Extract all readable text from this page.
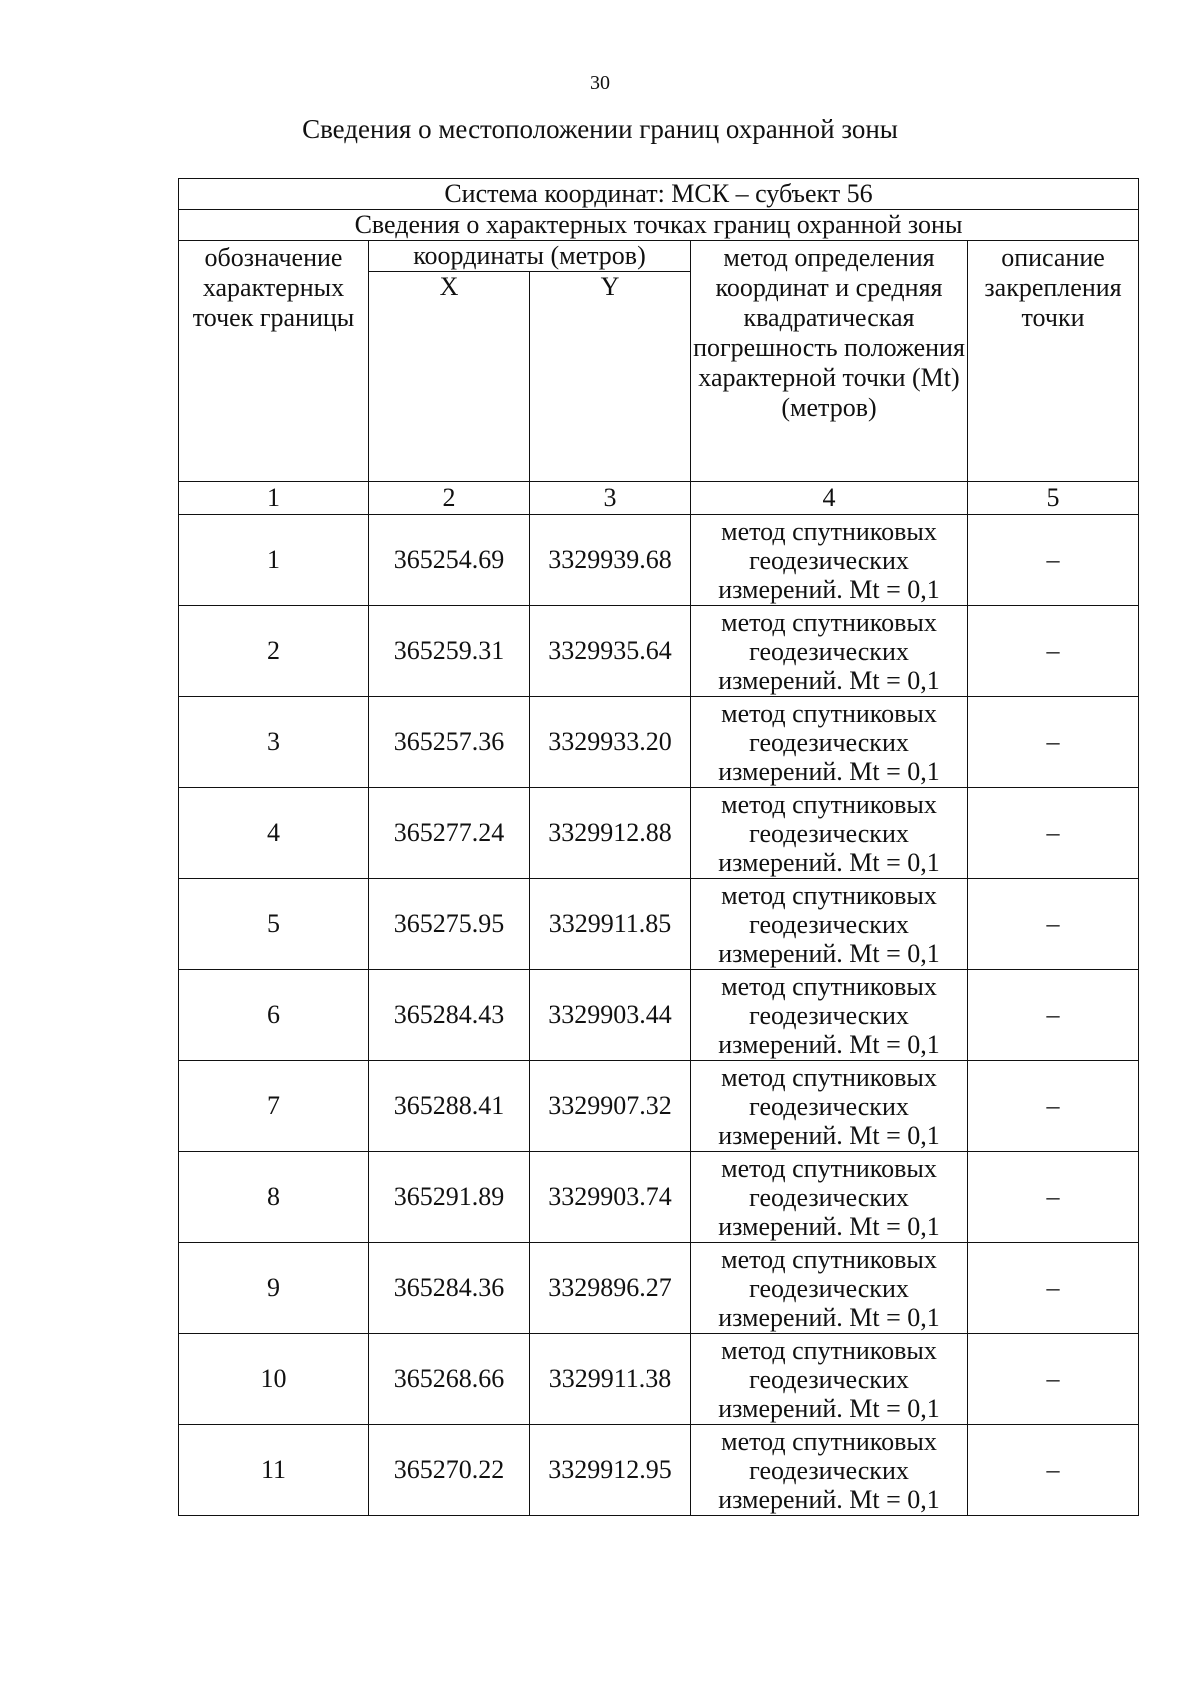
30
Сведения о местоположении границ охранной зоны
Система координат: МСК – субъект 56				
Сведения о характерных точках границ охранной зоны				
обозначение характерных точек границы	координаты (метров)		метод определения координат и средняя квадратическая погрешность положения характерной точки (Mt) (метров)	описание закрепления точки
	X	Y		
1	2	3	4	5
1	365254.69	3329939.68	метод спутниковых геодезических измерений. Mt = 0,1	–
2	365259.31	3329935.64	метод спутниковых геодезических измерений. Mt = 0,1	–
3	365257.36	3329933.20	метод спутниковых геодезических измерений. Mt = 0,1	–
4	365277.24	3329912.88	метод спутниковых геодезических измерений. Mt = 0,1	–
5	365275.95	3329911.85	метод спутниковых геодезических измерений. Mt = 0,1	–
6	365284.43	3329903.44	метод спутниковых геодезических измерений. Mt = 0,1	–
7	365288.41	3329907.32	метод спутниковых геодезических измерений. Mt = 0,1	–
8	365291.89	3329903.74	метод спутниковых геодезических измерений. Mt = 0,1	–
9	365284.36	3329896.27	метод спутниковых геодезических измерений. Mt = 0,1	–
10	365268.66	3329911.38	метод спутниковых геодезических измерений. Mt = 0,1	–
11	365270.22	3329912.95	метод спутниковых геодезических измерений. Mt = 0,1	–
